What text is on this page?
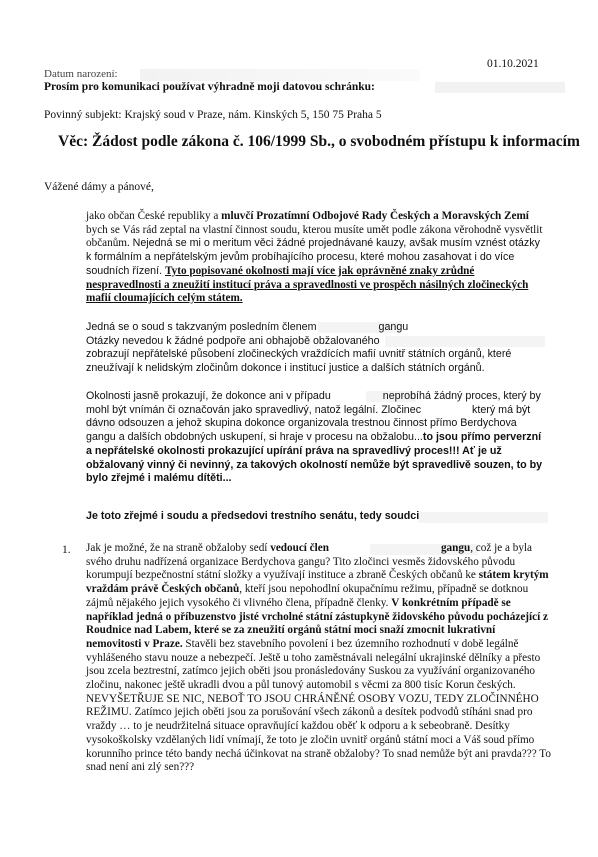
01.10.2021
Datum narození:
Prosím pro komunikaci používat výhradně moji datovou schránku:
Povinný subjekt: Krajský soud v Praze, nám. Kinských 5, 150 75 Praha 5
Věc: Žádost podle zákona č. 106/1999 Sb., o svobodném přístupu k informacím
Vážené dámy a pánové,

jako občan České republiky a mluvčí Prozatímní Odbojové Rady Českých a Moravských Zemí bych se Vás rád zeptal na vlastní činnost soudu, kterou musíte umět podle zákona věrohodně vysvětlit občanům. Nejedná se mi o meritum věci žádné projednávané kauzy, avšak musím vznést otázky k formálním a nepřátelským jevům probíhajícího procesu, které mohou zasahovat i do více soudních řízení. Tyto popisované okolnosti mají více jak oprávněné znaky zrůdné nespravedlnosti a zneužití institucí práva a spravedlnosti ve prospěch násilných zločineckých mafií cloumajících celým státem.

Jedná se o soud s takzvaným posledním členem	gangu
Otázky nevedou k žádné podpoře ani obhajobě obžalovaného
zobrazují nepřátelské působení zločineckých vraždících mafií uvnitř státních orgánů, které
zneužívají k nelidským zločinům dokonce i institucí justice a dalších státních orgánů.

Okolnosti jasně prokazují, že dokonce ani v případu	neprobíhá žádný proces, který by mohl být vnímán či označován jako spravedlivý, natož legální. Zločinec	který má být dávno odsouzen a jehož skupina dokonce organizovala trestnou činnost přímo Berdychova gangu a dalších obdobných uskupení, si hraje v procesu na obžalobu...to jsou přímo perverzní a nepřátelské okolnosti prokazující upírání práva na spravedlivý proces!!! Ať je už obžalovaný vinný či nevinný, za takových okolností nemůže být spravedlivě souzen, to by bylo zřejmé i malému dítěti...

Je toto zřejmé i soudu a předsedovi trestního senátu, tedy soudci
1. Jak je možné, že na straně obžaloby sedí vedoucí člen	gangu, což je a byla svého druhu nadřízená organizace Berdychova gangu? Tito zločinci vesměs židovského původu korumpují bezpečnostní státní složky a využívají instituce a zbraně Českých občanů ke státem krytým vraždám právě Českých občanů, kteří jsou nepohodlní okupačnímu režimu, případně se dotknou zájmů nějakého jejich vysokého či vlivného člena, případně členky. V konkrétním případě se například jedná o příbuzenstvo jisté vrcholné státní zástupkyně židovského původu pocházející z Roudnice nad Labem, které se za zneužití orgánů státní moci snaží zmocnit lukrativní nemovitosti v Praze. Stavěli bez stavebního povolení i bez územního rozhodnutí v době legálně vyhlášeného stavu nouze a nebezpečí. Ještě u toho zaměstnávali nelegální ukrajinské dělníky a přesto jsou zcela beztrestní, zatímco jejich oběti jsou pronásledovány Suskou za využívání organizovaného zločinu, nakonec ještě ukradli dvou a půl tunový automobil s věcmi za 800 tisíc Korun českých. NEVYŠETŘUJE SE NIC, NEBOŤ TO JSOU CHRÁNĚNÉ OSOBY VOZU, TEDY ZLOČINNÉHO REŽIMU. Zatímco jejich oběti jsou za porušování všech zákonů a desítek podvodů stíháni snad pro vraždy … to je neudržitelná situace opravňující každou oběť k odporu a k sebeobraně. Desítky vysokoškolsky vzdělaných lidí vnímají, že toto je zločin uvnitř orgánů státní moci a Váš soud přímo korunního prince této bandy nechá účinkovat na straně obžaloby? To snad nemůže být ani pravda??? To snad není ani zlý sen???
